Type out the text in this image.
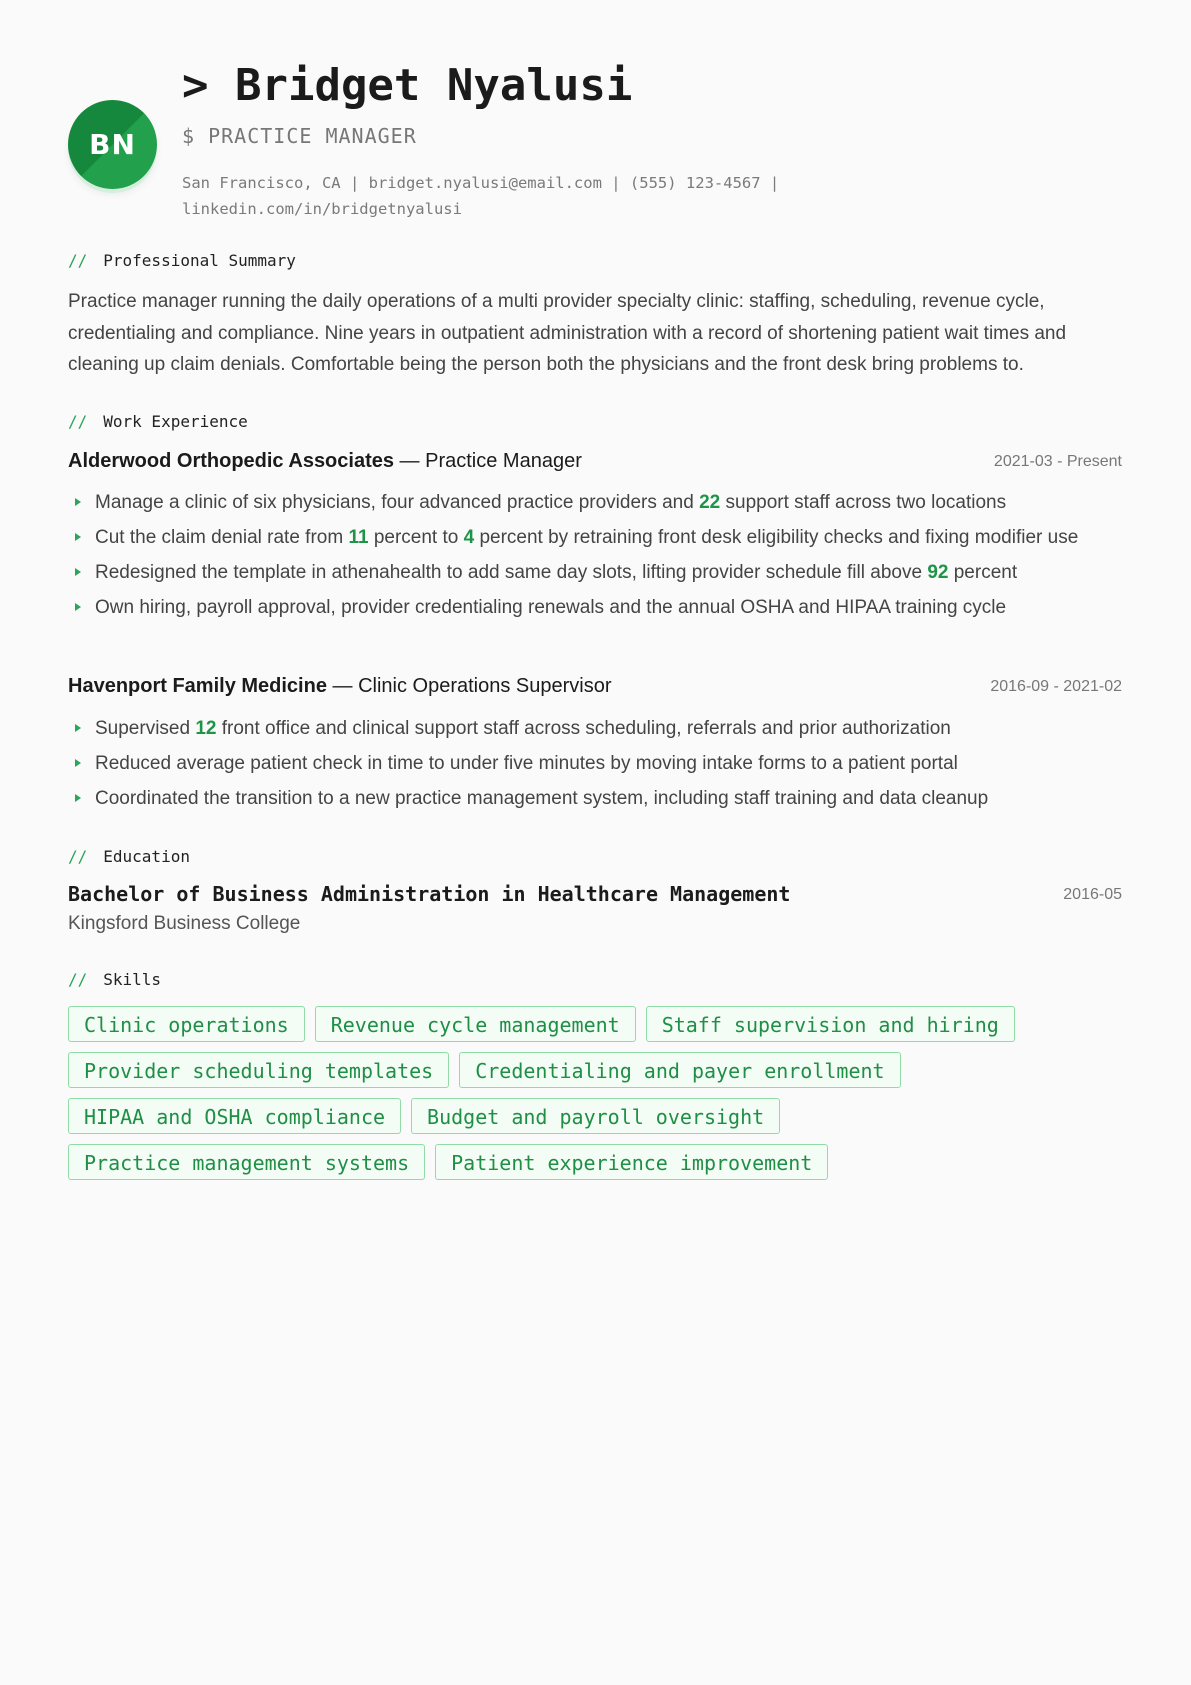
BN
> Bridget Nyalusi
$ PRACTICE MANAGER
San Francisco, CA | bridget.nyalusi@email.com | (555) 123-4567 |
linkedin.com/in/bridgetnyalusi
// Professional Summary
Practice manager running the daily operations of a multi provider specialty clinic: staffing, scheduling, revenue cycle, credentialing and compliance. Nine years in outpatient administration with a record of shortening patient wait times and cleaning up claim denials. Comfortable being the person both the physicians and the front desk bring problems to.
// Work Experience
Alderwood Orthopedic Associates — Practice Manager	2021-03 - Present
Manage a clinic of six physicians, four advanced practice providers and 22 support staff across two locations
Cut the claim denial rate from 11 percent to 4 percent by retraining front desk eligibility checks and fixing modifier use
Redesigned the template in athenahealth to add same day slots, lifting provider schedule fill above 92 percent
Own hiring, payroll approval, provider credentialing renewals and the annual OSHA and HIPAA training cycle
Havenport Family Medicine — Clinic Operations Supervisor	2016-09 - 2021-02
Supervised 12 front office and clinical support staff across scheduling, referrals and prior authorization
Reduced average patient check in time to under five minutes by moving intake forms to a patient portal
Coordinated the transition to a new practice management system, including staff training and data cleanup
// Education
Bachelor of Business Administration in Healthcare Management	2016-05
Kingsford Business College
// Skills
Clinic operations	Revenue cycle management	Staff supervision and hiring
Provider scheduling templates	Credentialing and payer enrollment
HIPAA and OSHA compliance	Budget and payroll oversight
Practice management systems	Patient experience improvement
